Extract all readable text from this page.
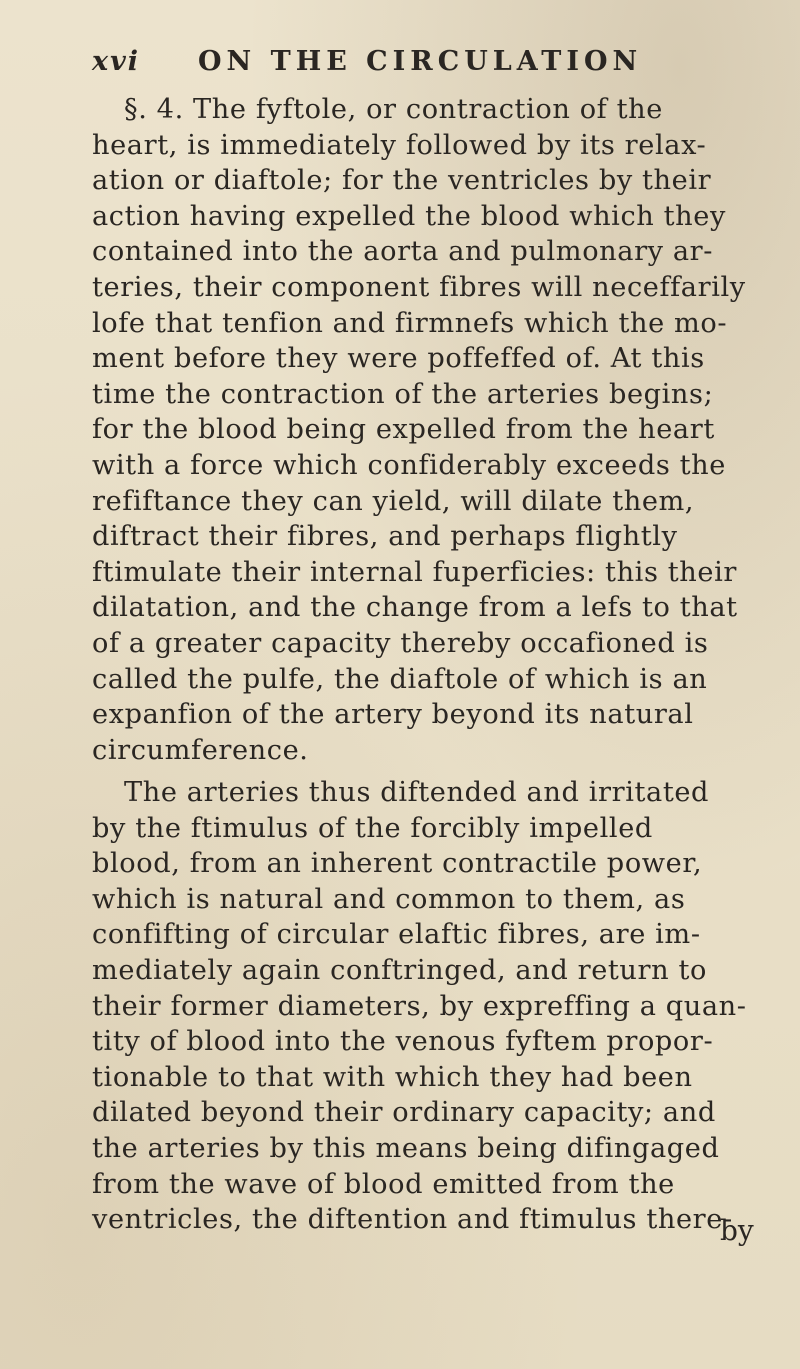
xvi ON THE CIRCULATION
§. 4. The fyftole, or contraction of the
heart, is immediately followed by its relax-
ation or diaftole; for the ventricles by their
action having expelled the blood which they
contained into the aorta and pulmonary ar-
teries, their component fibres will neceffarily
lofe that tenfion and firmnefs which the mo-
ment before they were poffeffed of. At this
time the contraction of the arteries begins;
for the blood being expelled from the heart
with a force which confiderably exceeds the
refiftance they can yield, will dilate them,
diftract their fibres, and perhaps flightly
ftimulate their internal fuperficies: this their
dilatation, and the change from a lefs to that
of a greater capacity thereby occafioned is
called the pulfe, the diaftole of which is an
expanfion of the artery beyond its natural
circumference.
The arteries thus diftended and irritated
by the ftimulus of the forcibly impelled
blood, from an inherent contractile power,
which is natural and common to them, as
confifting of circular elaftic fibres, are im-
mediately again conftringed, and return to
their former diameters, by expreffing a quan-
tity of blood into the venous fyftem propor-
tionable to that with which they had been
dilated beyond their ordinary capacity; and
the arteries by this means being difingaged
from the wave of blood emitted from the
ventricles, the diftention and ftimulus there-
by
